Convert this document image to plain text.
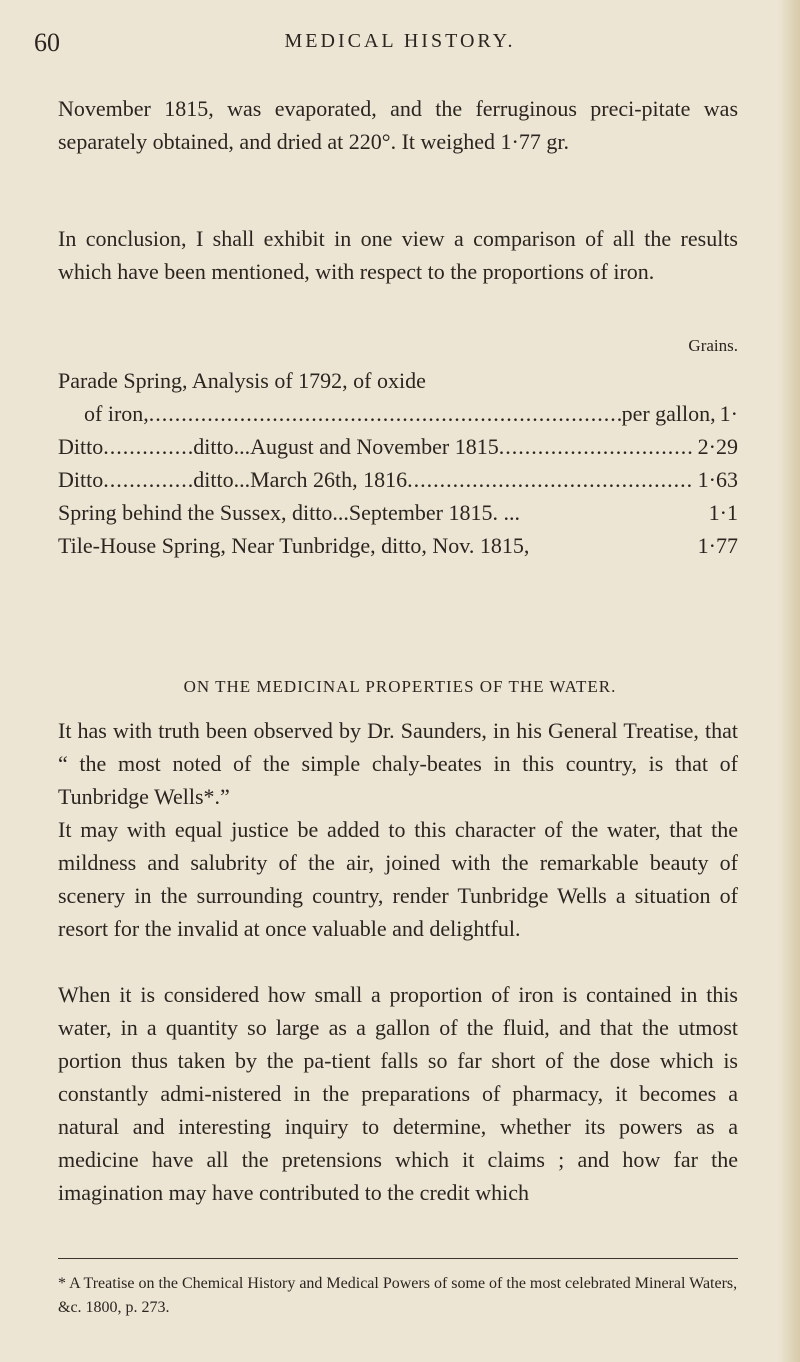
60	MEDICAL HISTORY.

November 1815, was evaporated, and the ferruginous preci-pitate was separately obtained, and dried at 220°. It weighed 1·77 gr.

In conclusion, I shall exhibit in one view a comparison of all the results which have been mentioned, with respect to the proportions of iron.

Grains.
Parade Spring, Analysis of 1792, of oxide
of iron, .....	per gallon, 1·
Ditto .....	ditto...August and November 1815 .....	2·29
Ditto .....	ditto...March 26th, 1816 .....	1·63
Spring behind the Sussex, ditto...September 1815. ...	1·1
Tile-House Spring, Near Tunbridge, ditto, Nov. 1815,	1·77
ON THE MEDICINAL PROPERTIES OF THE WATER.

It has with truth been observed by Dr. Saunders, in his General Treatise, that “ the most noted of the simple chaly-beates in this country, is that of Tunbridge Wells*.”

It may with equal justice be added to this character of the water, that the mildness and salubrity of the air, joined with the remarkable beauty of scenery in the surrounding country, render Tunbridge Wells a situation of resort for the invalid at once valuable and delightful.

When it is considered how small a proportion of iron is contained in this water, in a quantity so large as a gallon of the fluid, and that the utmost portion thus taken by the pa-tient falls so far short of the dose which is constantly admi-nistered in the preparations of pharmacy, it becomes a natural and interesting inquiry to determine, whether its powers as a medicine have all the pretensions which it claims ; and how far the imagination may have contributed to the credit which

* A Treatise on the Chemical History and Medical Powers of some of the most celebrated Mineral Waters, &c. 1800, p. 273.
